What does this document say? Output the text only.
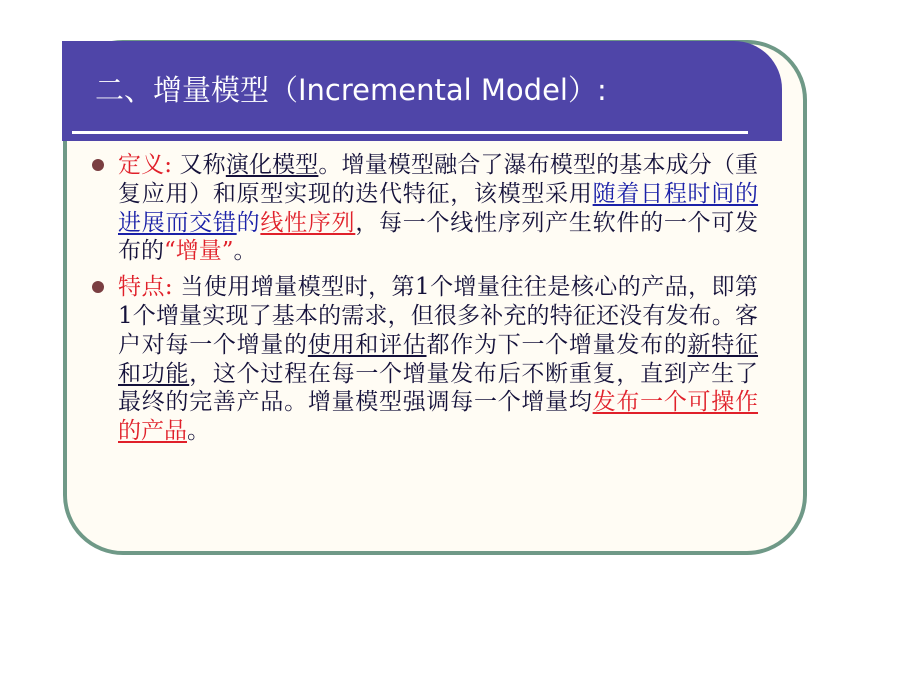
二、增量模型（Incremental Model）:
定义: 又称演化模型。增量模型融合了瀑布模型的基本成分（重复应用）和原型实现的迭代特征，该模型采用随着日程时间的进展而交错的线性序列，每一个线性序列产生软件的一个可发布的“增量”。
特点: 当使用增量模型时，第1个增量往往是核心的产品，即第1个增量实现了基本的需求，但很多补充的特征还没有发布。客户对每一个增量的使用和评估都作为下一个增量发布的新特征和功能，这个过程在每一个增量发布后不断重复，直到产生了最终的完善产品。增量模型强调每一个增量均发布一个可操作的产品。
